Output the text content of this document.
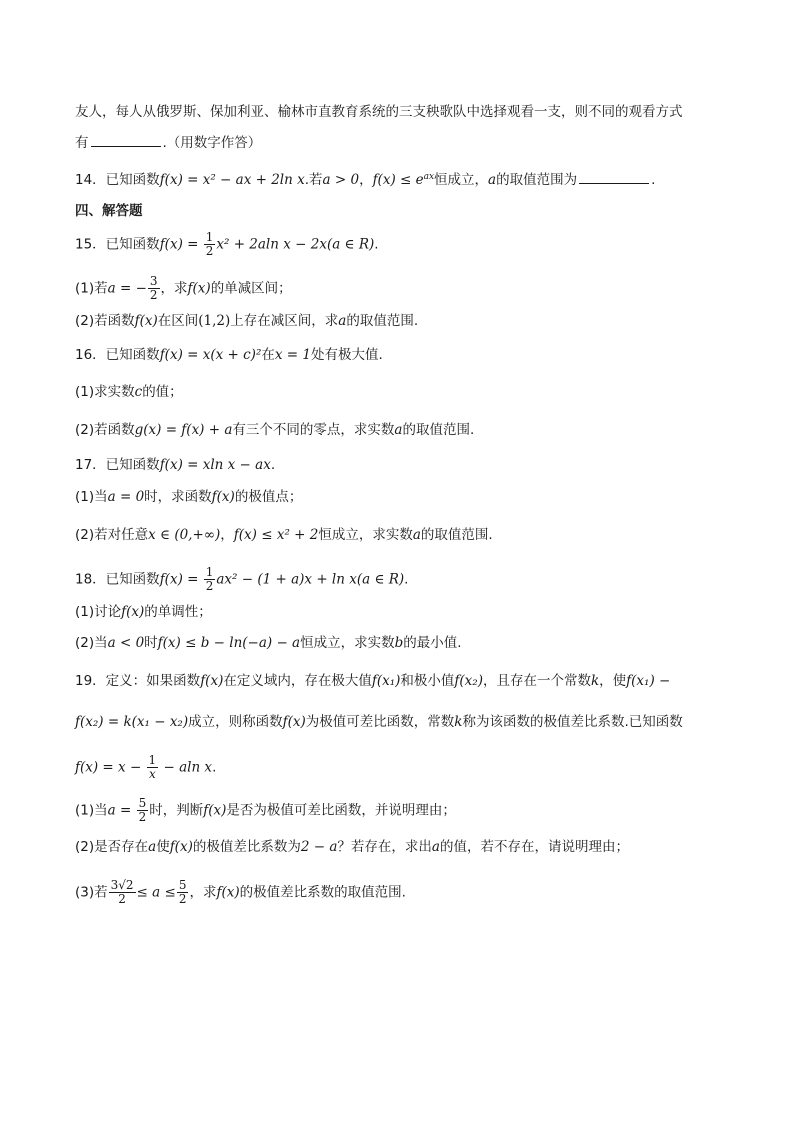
友人，每人从俄罗斯、保加利亚、榆林市直教育系统的三支秧歌队中选择观看一支，则不同的观看方式
有	.（用数字作答）
14．已知函数f(x) = x² − ax + 2ln x.若a > 0，$f(x) \le e^{ax}$恒成立，a的取值范围为	.
四、解答题
15．已知函数$f(x) = \frac{1}{2} x^2 + 2aln$ x − 2x(a ∈ R).
(1)若a = − $\frac{3}{2}$ ，求f(x)的单减区间；
(2)若函数f(x)在区间(1,2)上存在减区间，求a的取值范围.
16．已知函数f(x) = x(x + c)²在x = 1处有极大值.
(1)求实数c的值；
(2)若函数g(x) = f(x) + a有三个不同的零点，求实数a的取值范围.
17．已知函数f(x) = xln x − ax.
(1)当a = 0时，求函数f(x)的极值点；
(2)若对任意x ∈ (0,+∞)，f(x) ≤ x² + 2恒成立，求实数a的取值范围.
18．已知函数$f(x) = \frac{1}{2} ax^2 - (1 + a)x + \ln x(a$ ∈ R).
(1)讨论f(x)的单调性；
(2)当a < 0时f(x) ≤ b − ln(−a) − a恒成立，求实数b的最小值.
19．定义：如果函数f(x)在定义域内，存在极大值f(x₁)和极小值f(x₂)，且存在一个常数k，使f(x₁) −
f(x₂) = k(x₁ − x₂)成立，则称函数f(x)为极值可差比函数，常数k称为该函数的极值差比系数.已知函数
$f(x) = x - \frac{1}{x} - aln$ x.
(1)当$a = \frac{5}{2}$ 时，判断f(x)是否为极值可差比函数，并说明理由；
(2)是否存在a使f(x)的极值差比系数为2 − a？若存在，求出a的值，若不存在，请说明理由；
(3)若 $\frac{3√2}{2} \le a \le \frac{5}{2}$ ，求f(x)的极值差比系数的取值范围.
